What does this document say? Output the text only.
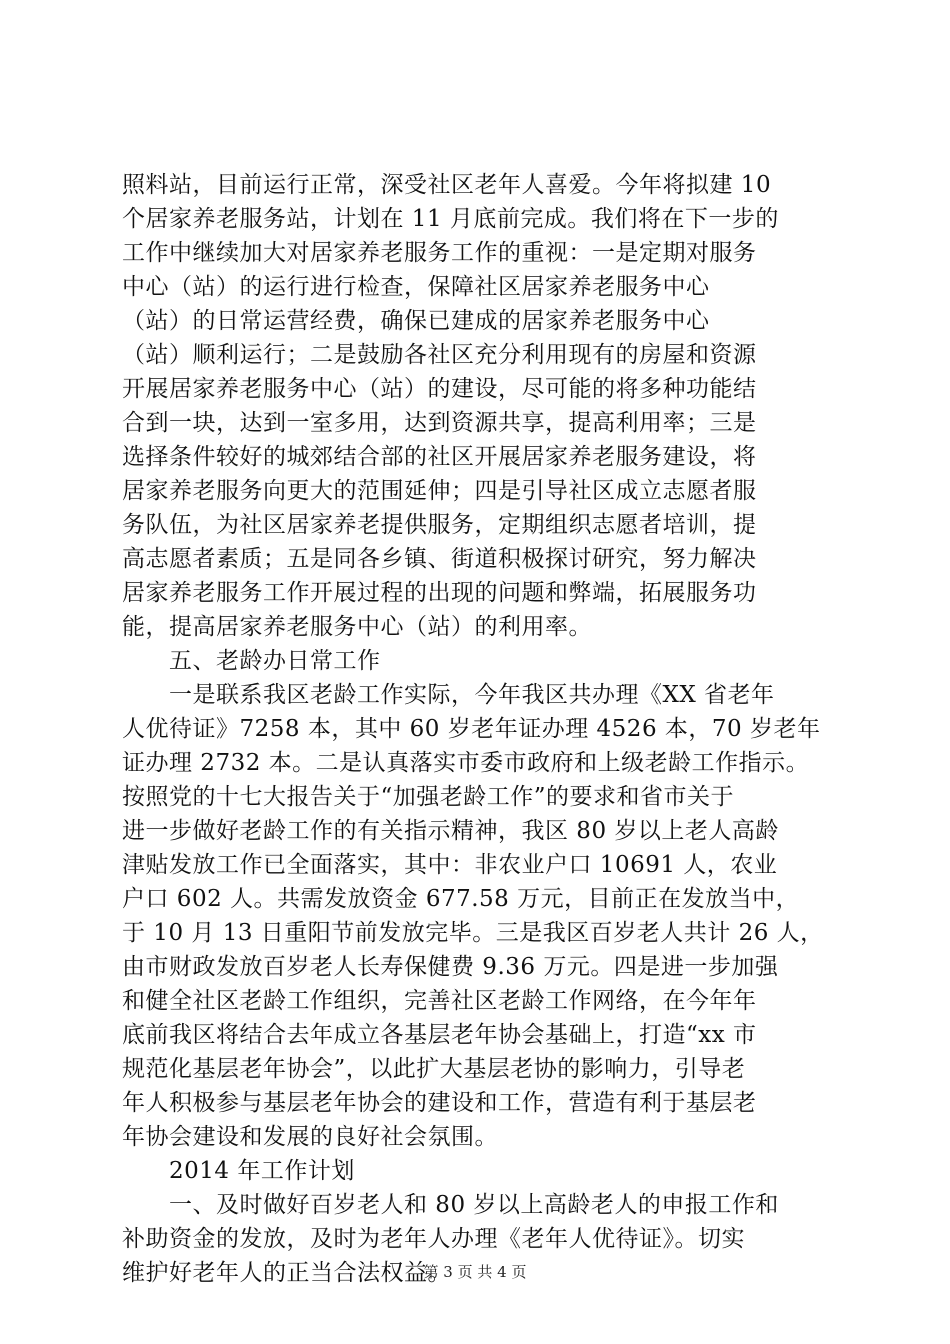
照料站，目前运行正常，深受社区老年人喜爱。今年将拟建 10
个居家养老服务站，计划在 11 月底前完成。我们将在下一步的
工作中继续加大对居家养老服务工作的重视：一是定期对服务
中心（站）的运行进行检查，保障社区居家养老服务中心
（站）的日常运营经费，确保已建成的居家养老服务中心
（站）顺利运行；二是鼓励各社区充分利用现有的房屋和资源
开展居家养老服务中心（站）的建设，尽可能的将多种功能结
合到一块，达到一室多用，达到资源共享，提高利用率；三是
选择条件较好的城郊结合部的社区开展居家养老服务建设，将
居家养老服务向更大的范围延伸；四是引导社区成立志愿者服
务队伍，为社区居家养老提供服务，定期组织志愿者培训，提
高志愿者素质；五是同各乡镇、街道积极探讨研究，努力解决
居家养老服务工作开展过程的出现的问题和弊端，拓展服务功
能，提高居家养老服务中心（站）的利用率。
　　五、老龄办日常工作
　　一是联系我区老龄工作实际，今年我区共办理《XX 省老年
人优待证》7258 本，其中 60 岁老年证办理 4526 本，70 岁老年
证办理 2732 本。二是认真落实市委市政府和上级老龄工作指示。
按照党的十七大报告关于“加强老龄工作”的要求和省市关于
进一步做好老龄工作的有关指示精神，我区 80 岁以上老人高龄
津贴发放工作已全面落实，其中：非农业户口 10691 人，农业
户口 602 人。共需发放资金 677.58 万元，目前正在发放当中，
于 10 月 13 日重阳节前发放完毕。三是我区百岁老人共计 26 人，
由市财政发放百岁老人长寿保健费 9.36 万元。四是进一步加强
和健全社区老龄工作组织，完善社区老龄工作网络，在今年年
底前我区将结合去年成立各基层老年协会基础上，打造“xx 市
规范化基层老年协会”，以此扩大基层老协的影响力，引导老
年人积极参与基层老年协会的建设和工作，营造有利于基层老
年协会建设和发展的良好社会氛围。
　　2014 年工作计划
　　一、及时做好百岁老人和 80 岁以上高龄老人的申报工作和
补助资金的发放，及时为老年人办理《老年人优待证》。切实
维护好老年人的正当合法权益。
第 3 页 共 4 页
